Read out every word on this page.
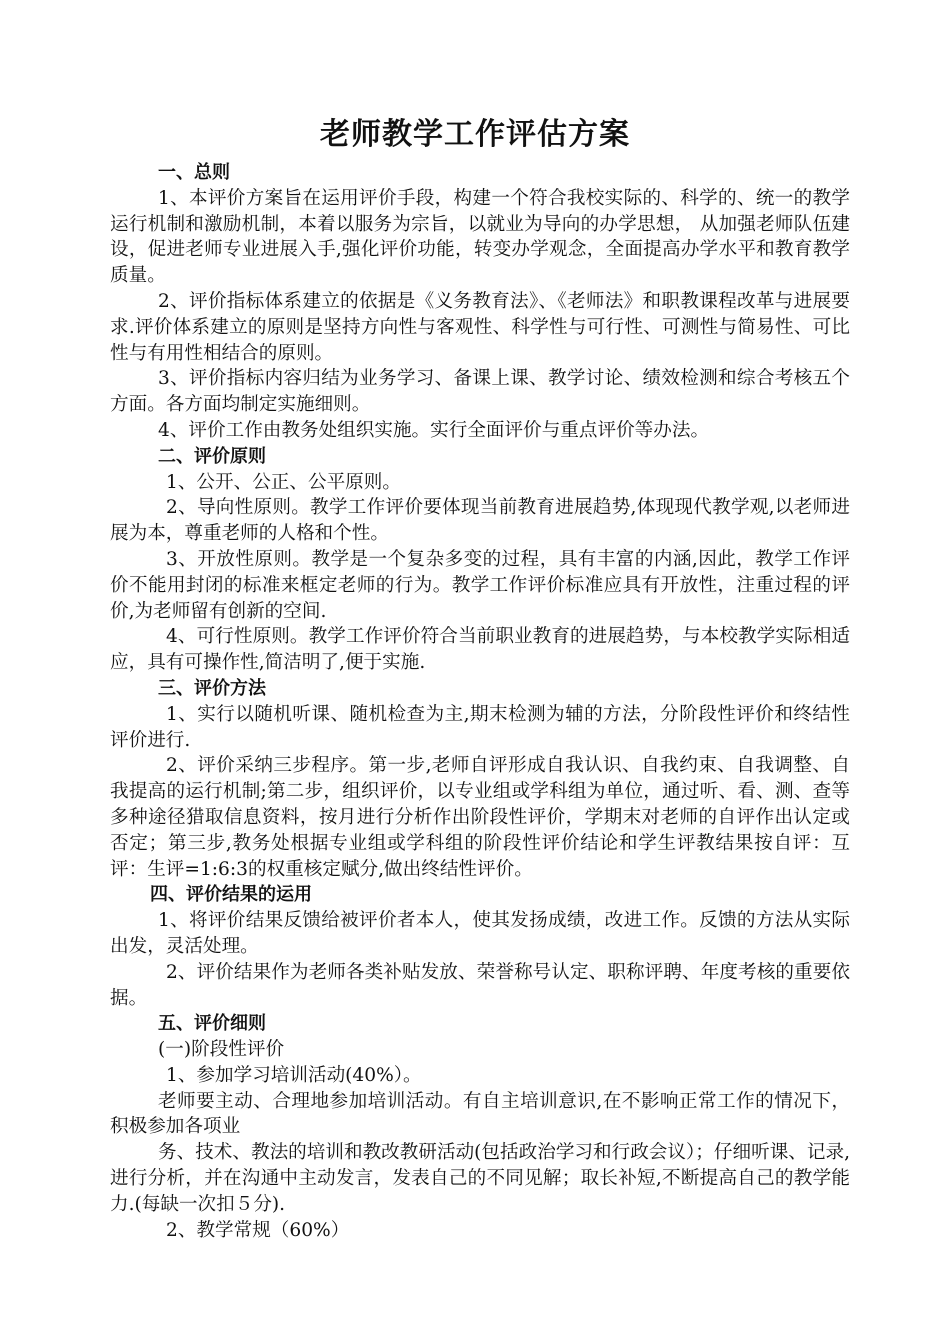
老师教学工作评估方案

一、总则

1、本评价方案旨在运用评价手段，构建一个符合我校实际的、科学的、统一的教学运行机制和激励机制，本着以服务为宗旨，以就业为导向的办学思想， 从加强老师队伍建设，促进老师专业进展入手,强化评价功能，转变办学观念，全面提高办学水平和教育教学质量。

2、评价指标体系建立的依据是《义务教育法》、《老师法》和职教课程改革与进展要求.评价体系建立的原则是坚持方向性与客观性、科学性与可行性、可测性与简易性、可比性与有用性相结合的原则。

3、评价指标内容归结为业务学习、备课上课、教学讨论、绩效检测和综合考核五个方面。各方面均制定实施细则。

4、评价工作由教务处组织实施。实行全面评价与重点评价等办法。

二、评价原则

1、公开、公正、公平原则。

2、导向性原则。教学工作评价要体现当前教育进展趋势,体现现代教学观,以老师进展为本，尊重老师的人格和个性。

3、开放性原则。教学是一个复杂多变的过程，具有丰富的内涵,因此，教学工作评价不能用封闭的标准来框定老师的行为。教学工作评价标准应具有开放性，注重过程的评价,为老师留有创新的空间.

4、可行性原则。教学工作评价符合当前职业教育的进展趋势，与本校教学实际相适应，具有可操作性,简洁明了,便于实施.

三、评价方法

1、实行以随机听课、随机检查为主,期末检测为辅的方法，分阶段性评价和终结性评价进行.

2、评价采纳三步程序。第一步,老师自评形成自我认识、自我约束、自我调整、自我提高的运行机制;第二步，组织评价，以专业组或学科组为单位，通过听、看、测、查等多种途径猎取信息资料，按月进行分析作出阶段性评价，学期末对老师的自评作出认定或否定；第三步,教务处根据专业组或学科组的阶段性评价结论和学生评教结果按自评：互评：生评=1:6:3的权重核定赋分,做出终结性评价。

四、评价结果的运用

1、将评价结果反馈给被评价者本人，使其发扬成绩，改进工作。反馈的方法从实际出发，灵活处理。

2、评价结果作为老师各类补贴发放、荣誉称号认定、职称评聘、年度考核的重要依据。

五、评价细则

(一)阶段性评价

1、参加学习培训活动(40%）。

老师要主动、合理地参加培训活动。有自主培训意识,在不影响正常工作的情况下，积极参加各项业

务、技术、教法的培训和教改教研活动(包括政治学习和行政会议）；仔细听课、记录,进行分析，并在沟通中主动发言，发表自己的不同见解；取长补短,不断提高自己的教学能力.(每缺一次扣５分).

2、教学常规（60%）
